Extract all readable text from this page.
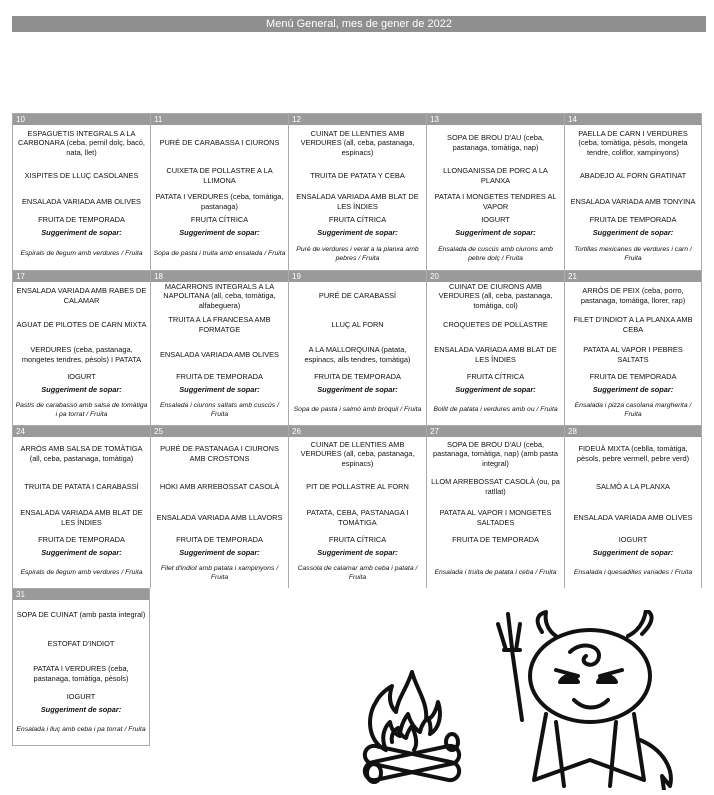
Menú General, mes de gener de 2022
10
ESPAGUETIS INTEGRALS A LA CARBONARA (ceba, pernil dolç, bacó, nata, llet)
XISPITES DE LLUÇ CASOLANES
ENSALADA VARIADA AMB OLIVES
FRUITA DE TEMPORADA
Suggeriment de sopar:
Espirals de llegum amb verdures / Fruita
11
PURÉ DE CARABASSA I CIURONS
CUIXETA DE POLLASTRE A LA LLIMONA
PATATA I VERDURES (ceba, tomàtiga, pastanaga)
FRUITA CÍTRICA
Suggeriment de sopar:
Sopa de pasta i truita amb ensalada / Fruita
12
CUINAT DE LLENTIES AMB VERDURES (all, ceba, pastanaga, espinacs)
TRUITA DE PATATA Y CEBA
ENSALADA VARIADA AMB BLAT DE LES ÍNDIES
FRUITA CÍTRICA
Suggeriment de sopar:
Puré de verdures i verat a la planxa amb pebres / Fruita
13
SOPA DE BROU D'AU (ceba, pastanaga, tomàtiga, nap)
LLONGANISSA DE PORC A LA PLANXA
PATATA I MONGETES TENDRES AL VAPOR
IOGURT
Suggeriment de sopar:
Ensalada de cuscús amb ciurons amb pebre dolç / Fruita
14
PAELLA DE CARN I VERDURES (ceba, tomàtiga, pèsols, mongeta tendre, coliflor, xampinyons)
ABADEJO AL FORN GRATINAT
ENSALADA VARIADA AMB TONYINA
FRUITA DE TEMPORADA
Suggeriment de sopar:
Tortillas mexicanes de verdures i carn / Fruita
17
ENSALADA VARIADA AMB RABES DE CALAMAR
AGUAT DE PILOTES DE CARN MIXTA
VERDURES (ceba, pastanaga, mongetes tendres, pèsols) I PATATA
IOGURT
Suggeriment de sopar:
Pastís de carabassó amb salsa de tomàtiga i pa torrat / Fruita
18
MACARRONS INTEGRALS A LA NAPOLITANA (all, ceba, tomàtiga, alfabeguera)
TRUITA A LA FRANCESA AMB FORMATGE
ENSALADA VARIADA AMB OLIVES
FRUITA DE TEMPORADA
Suggeriment de sopar:
Ensalada i ciurons saltats amb cuscús / Fruita
19
PURÉ DE CARABASSÍ
LLUÇ AL FORN
A LA MALLORQUINA (patata, espinacs, alls tendres, tomàtiga)
FRUITA DE TEMPORADA
Suggeriment de sopar:
Sopa de pasta i salmó amb bròquil / Fruita
20
CUINAT DE CIURONS AMB VERDURES (all, ceba, pastanaga, tomàtiga, col)
CROQUETES DE POLLASTRE
ENSALADA VARIADA AMB BLAT DE LES ÍNDIES
FRUITA CÍTRICA
Suggeriment de sopar:
Bollit de patata i verdures amb ou / Fruita
21
ARRÒS DE PEIX (ceba, porro, pastanaga, tomàtiga, llorer, rap)
FILET D'INDIOT A LA PLANXA AMB CEBA
PATATA AL VAPOR I PEBRES SALTATS
FRUITA DE TEMPORADA
Suggeriment de sopar:
Ensalada i pizza casolana margherita / Fruita
24
ARRÒS AMB SALSA DE TOMÀTIGA (all, ceba, pastanaga, tomàtiga)
TRUITA DE PATATA I CARABASSÍ
ENSALADA VARIADA AMB BLAT DE LES ÍNDIES
FRUITA DE TEMPORADA
Suggeriment de sopar:
Espirals de llegum amb verdures / Fruita
25
PURÉ DE PASTANAGA I CIURONS AMB CROSTONS
HOKI AMB ARREBOSSAT CASOLÀ
ENSALADA VARIADA AMB LLAVORS
FRUITA DE TEMPORADA
Suggeriment de sopar:
Filet d'indiot amb patata i xampinyons / Fruita
26
CUINAT DE LLENTIES AMB VERDURES (all, ceba, pastanaga, espinacs)
PIT DE POLLASTRE AL FORN
PATATA, CEBA, PASTANAGA I TOMÀTIGA
FRUITA CÍTRICA
Suggeriment de sopar:
Cassola de calamar amb ceba i patata / Fruita
27
SOPA DE BROU D'AU (ceba, pastanaga, tomàtiga, nap) (amb pasta integral)
LLOM ARREBOSSAT CASOLÀ (ou, pa ratllat)
PATATA AL VAPOR I MONGETES SALTADES
FRUITA DE TEMPORADA
Ensalada i truita de patata i ceba / Fruita
28
FIDEUÀ MIXTA (ceblla, tomàtiga, pèsols, pebre vermell, pebre verd)
SALMÓ A LA PLANXA
ENSALADA VARIADA AMB OLIVES
IOGURT
Suggeriment de sopar:
Ensalada i quesadilles variades / Fruita
31
SOPA DE CUINAT (amb pasta integral)
ESTOFAT D'INDIOT
PATATA I VERDURES (ceba, pastanaga, tomàtiga, pèsols)
IOGURT
Suggeriment de sopar:
Ensalada i lluç amb ceba i pa torrat / Fruita
